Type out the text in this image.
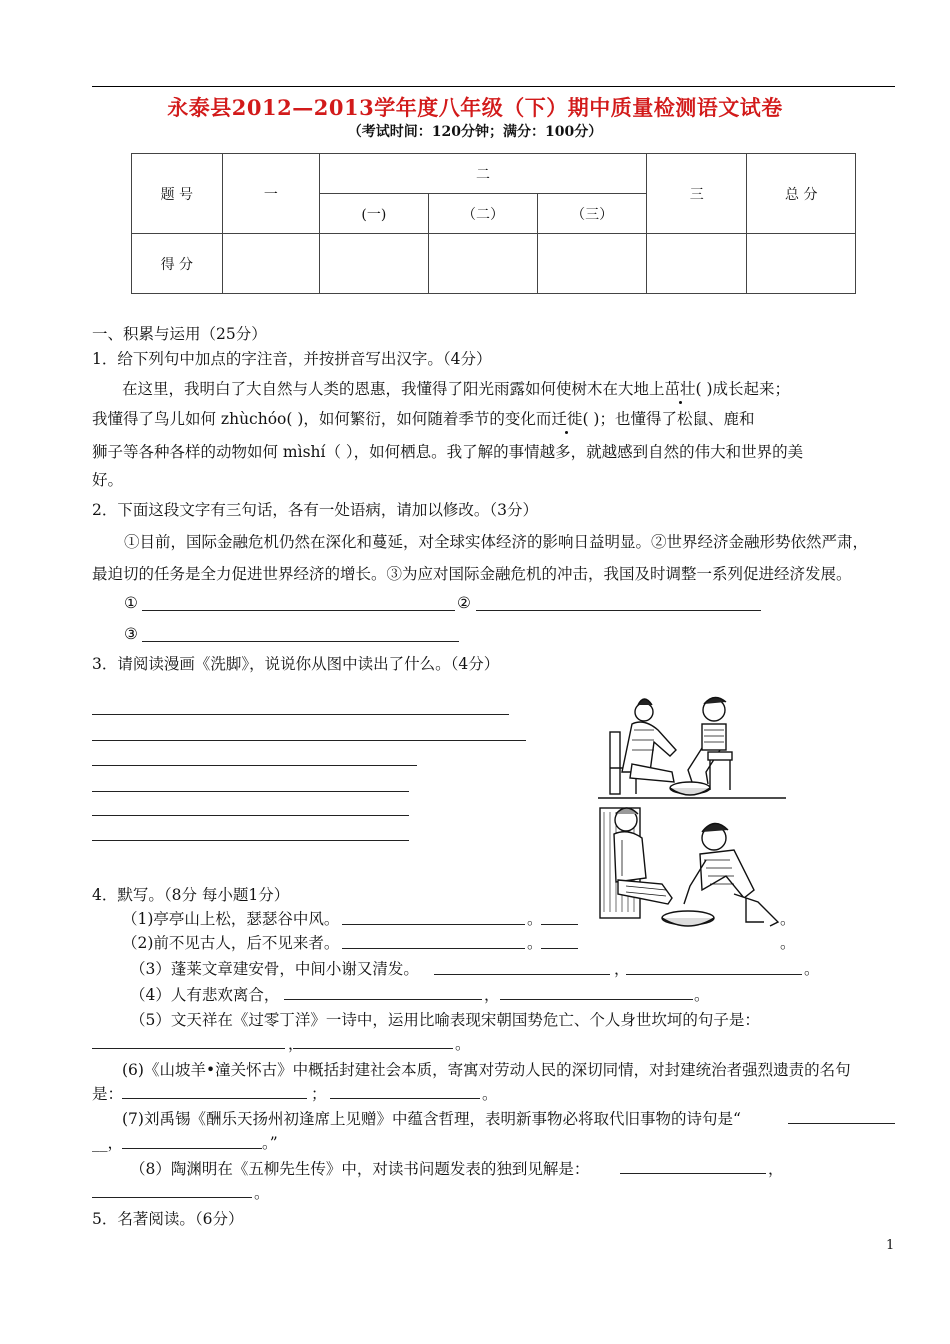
永泰县2012—2013学年度八年级（下）期中质量检测语文试卷
（考试时间：120分钟；满分：100分）
题 号	一	二			三	总 分
		(一)	（二）	（三）		
得 分						
一、积累与运用（25分）
1．给下列句中加点的字注音，并按拼音写出汉字。（4分）
在这里，我明白了大自然与人类的恩惠，我懂得了阳光雨露如何使树木在大地上茁壮( )成长起来；
我懂得了鸟儿如何 zhùchóo( )，如何繁衍，如何随着季节的变化而迁徙( )；也懂得了松鼠、鹿和
狮子等各种各样的动物如何 mìshí（ ），如何栖息。我了解的事情越多，就越感到自然的伟大和世界的美
好。
2．下面这段文字有三句话，各有一处语病，请加以修改。（3分）
①目前，国际金融危机仍然在深化和蔓延，对全球实体经济的影响日益明显。②世界经济金融形势依然严肃，
最迫切的任务是全力促进世界经济的增长。③为应对国际金融危机的冲击，我国及时调整一系列促进经济发展。
①	②
③
3．请阅读漫画《洗脚》，说说你从图中读出了什么。（4分）
4．默写。（8分 每小题1分）
（1)亭亭山上松，瑟瑟谷中风。	。	。
（2)前不见古人，后不见来者。	。	。
（3）蓬莱文章建安骨，中间小谢又清发。	，	。
（4）人有悲欢离合，	，	。
（5）文天祥在《过零丁洋》一诗中，运用比喻表现宋朝国势危亡、个人身世坎坷的句子是：
，	。
(6)《山坡羊•潼关怀古》中概括封建社会本质，寄寓对劳动人民的深切同情，对封建统治者强烈遗责的名句
是：	；	。
(7)刘禹锡《酬乐天扬州初逢席上见赠》中蕴含哲理，表明新事物必将取代旧事物的诗句是“
__，	。”
（8）陶渊明在《五柳先生传》中，对读书问题发表的独到见解是：	，
。
5．名著阅读。（6分）
1
